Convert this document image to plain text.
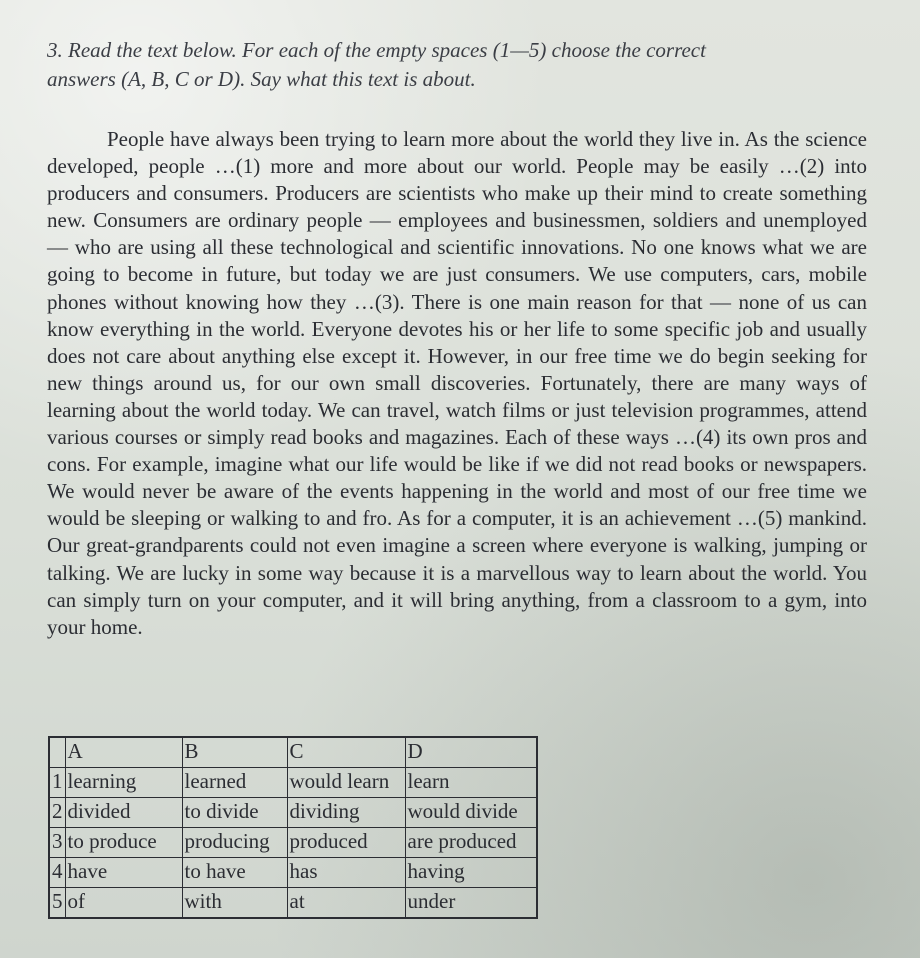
3. Read the text below. For each of the empty spaces (1—5) choose the correct
answers (A, B, C or D). Say what this text is about.

People have always been trying to learn more about the world they live in. As the science developed, people …(1) more and more about our world. People may be easily …(2) into producers and consumers. Producers are scientists who make up their mind to create something new. Consumers are ordinary people — employees and businessmen, soldiers and unemployed — who are using all these technological and scientific innovations. No one knows what we are going to become in future, but today we are just consumers. We use computers, cars, mobile phones without knowing how they …(3). There is one main reason for that — none of us can know everything in the world. Everyone devotes his or her life to some specific job and usually does not care about anything else except it. However, in our free time we do begin seeking for new things around us, for our own small discoveries. Fortunately, there are many ways of learning about the world today. We can travel, watch films or just television programmes, attend various courses or simply read books and magazines. Each of these ways …(4) its own pros and cons. For example, imagine what our life would be like if we did not read books or newspapers. We would never be aware of the events happening in the world and most of our free time we would be sleeping or walking to and fro. As for a computer, it is an achievement …(5) mankind. Our great-grandparents could not even imagine a screen where everyone is walking, jumping or talking. We are lucky in some way because it is a marvellous way to learn about the world. You can simply turn on your computer, and it will bring anything, from a classroom to a gym, into your home.

	A	B	C	D
1	learning	learned	would learn	learn
2	divided	to divide	dividing	would divide
3	to produce	producing	produced	are produced
4	have	to have	has	having
5	of	with	at	under
